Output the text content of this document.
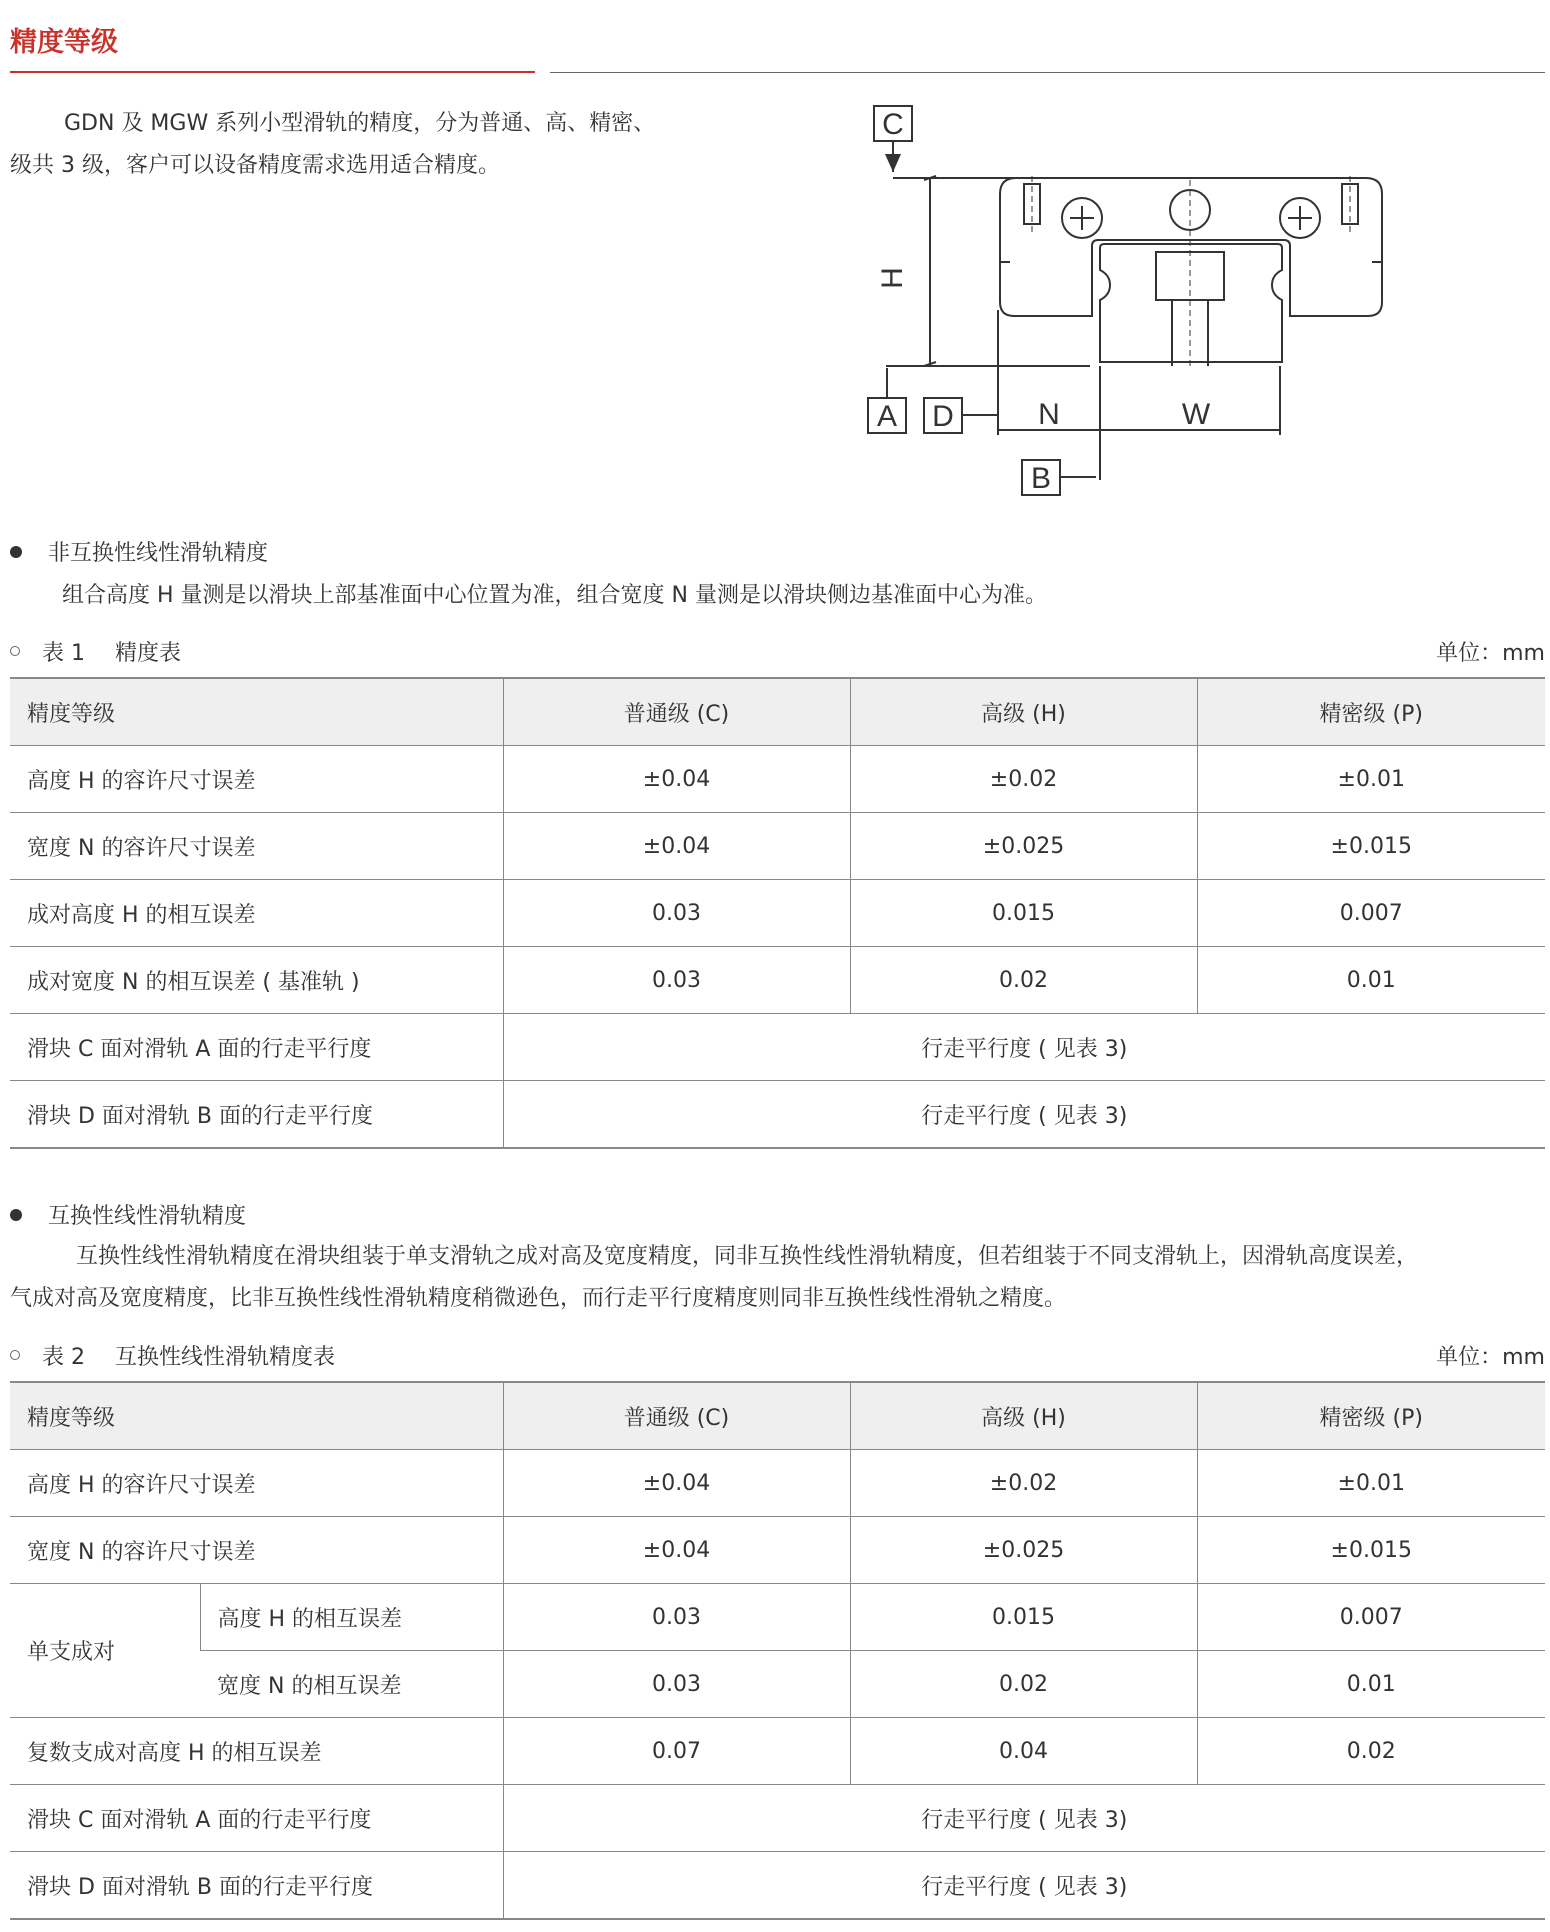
精度等级
GDN 及 MGW 系列小型滑轨的精度，分为普通、高、精密、
级共 3 级，客户可以设备精度需求选用适合精度。
C
A D
B
N	W
H
非互换性线性滑轨精度
组合高度 H 量测是以滑块上部基准面中心位置为准，组合宽度 N 量测是以滑块侧边基准面中心为准。
表 1 精度表	单位：mm
精度等级	普通级 (C)	高级 (H)	精密级 (P)
高度 H 的容许尺寸误差	±0.04	±0.02	±0.01
宽度 N 的容许尺寸误差	±0.04	±0.025	±0.015
成对高度 H 的相互误差	0.03	0.015	0.007
成对宽度 N 的相互误差 ( 基准轨 )	0.03	0.02	0.01
滑块 C 面对滑轨 A 面的行走平行度	行走平行度 ( 见表 3)		
滑块 D 面对滑轨 B 面的行走平行度	行走平行度 ( 见表 3)		
互换性线性滑轨精度
互换性线性滑轨精度在滑块组装于单支滑轨之成对高及宽度精度，同非互换性线性滑轨精度，但若组装于不同支滑轨上，因滑轨高度误差，
气成对高及宽度精度，比非互换性线性滑轨精度稍微逊色，而行走平行度精度则同非互换性线性滑轨之精度。
表 2 互换性线性滑轨精度表	单位：mm
精度等级		普通级 (C)	高级 (H)	精密级 (P)
高度 H 的容许尺寸误差		±0.04	±0.02	±0.01
宽度 N 的容许尺寸误差		±0.04	±0.025	±0.015
单支成对	高度 H 的相互误差	0.03	0.015	0.007
	宽度 N 的相互误差	0.03	0.02	0.01
复数支成对高度 H 的相互误差		0.07	0.04	0.02
滑块 C 面对滑轨 A 面的行走平行度		行走平行度 ( 见表 3)		
滑块 D 面对滑轨 B 面的行走平行度		行走平行度 ( 见表 3)		
